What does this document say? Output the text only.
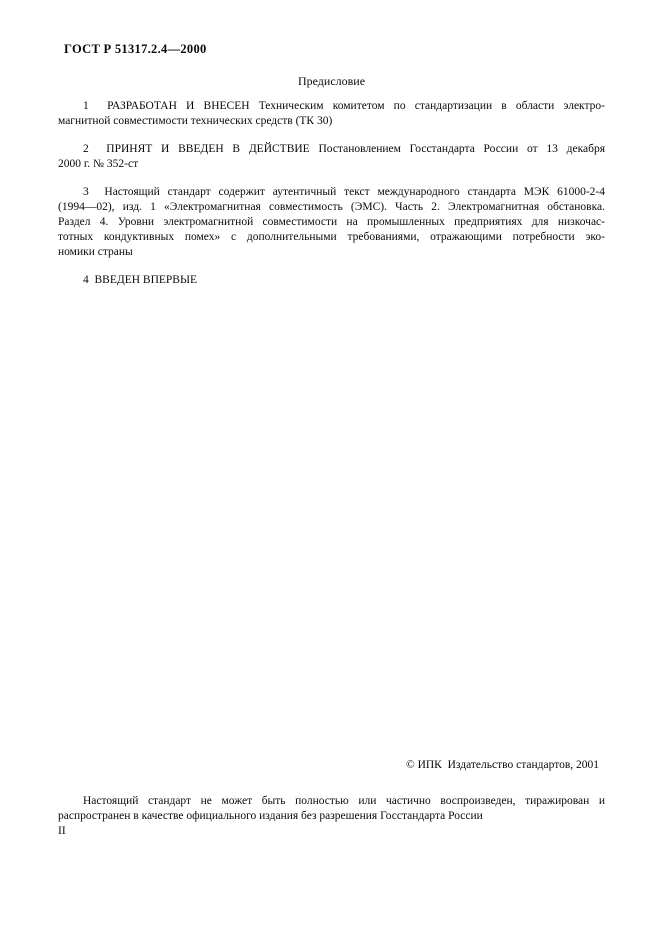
ГОСТ Р 51317.2.4—2000
Предисловие
1  РАЗРАБОТАН И ВНЕСЕН Техническим комитетом по стандартизации в области электро-
магнитной совместимости технических средств (ТК 30)
2  ПРИНЯТ И ВВЕДЕН В ДЕЙСТВИЕ Постановлением Госстандарта России от 13 декабря
2000 г. № 352-ст
3  Настоящий стандарт содержит аутентичный текст международного стандарта МЭК 61000-2-4
(1994—02), изд. 1 «Электромагнитная совместимость (ЭМС). Часть 2. Электромагнитная обстановка.
Раздел 4. Уровни электромагнитной совместимости на промышленных предприятиях для низкочас-
тотных кондуктивных помех» с дополнительными требованиями, отражающими потребности эко-
номики страны
4  ВВЕДЕН ВПЕРВЫЕ
© ИПК  Издательство стандартов, 2001
Настоящий стандарт не может быть полностью или частично воспроизведен, тиражирован и
распространен в качестве официального издания без разрешения Госстандарта России
II
